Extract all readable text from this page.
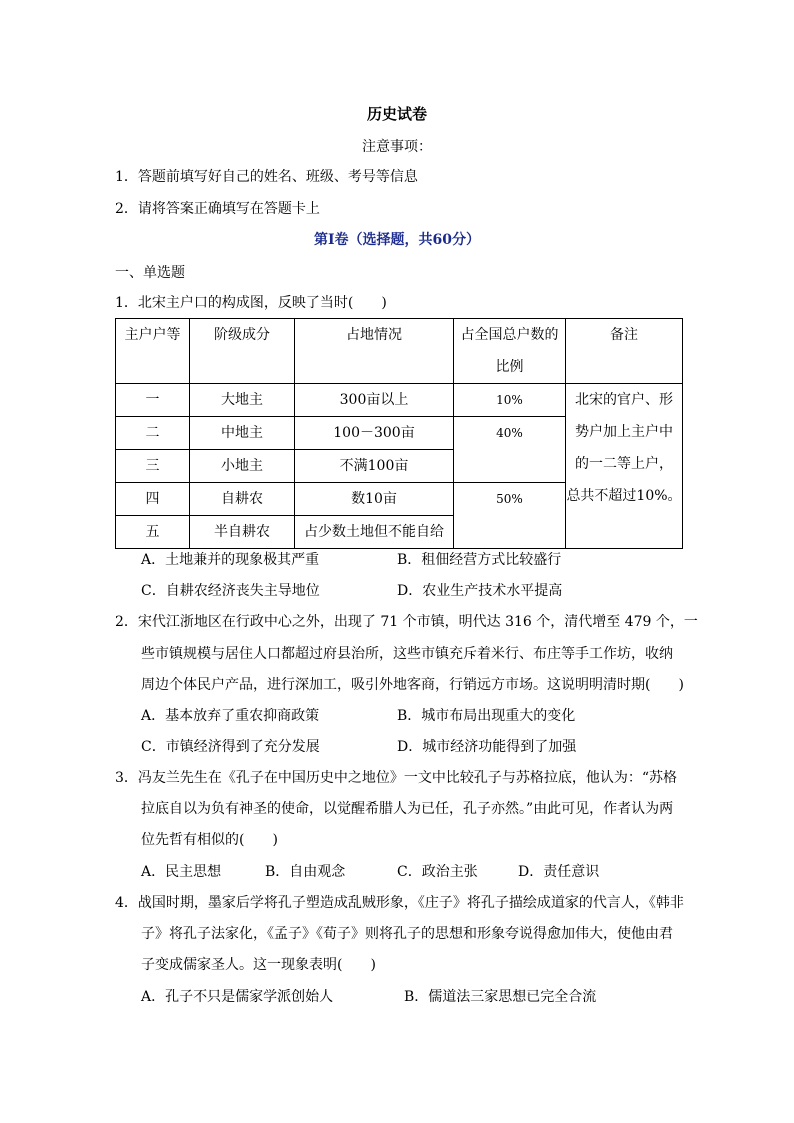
历史试卷
注意事项：
1．答题前填写好自己的姓名、班级、考号等信息
2．请将答案正确填写在答题卡上
第I卷（选择题，共60分）
一、单选题
1．北宋主户口的构成图，反映了当时(　　)
主户户等	阶级成分	占地情况	占全国总户数的
比例	备注

一	大地主	300亩以上	10%	北宋的官户、形
势户加上主户中
的一二等上户，
总共不超过10%。

二	中地主	100－300亩	40%	
三	小地主	不满100亩		
四	自耕农	数10亩	50%	
五	半自耕农	占少数土地但不能自给		
A．土地兼并的现象极其严重	B．租佃经营方式比较盛行
C．自耕农经济丧失主导地位	D．农业生产技术水平提高
2．宋代江浙地区在行政中心之外，出现了 71 个市镇，明代达 316 个，清代增至 479 个，一
些市镇规模与居住人口都超过府县治所，这些市镇充斥着米行、布庄等手工作坊，收纳
周边个体民户产品，进行深加工，吸引外地客商，行销远方市场。这说明明清时期(　　)
A．基本放弃了重农抑商政策	B．城市布局出现重大的变化
C．市镇经济得到了充分发展	D．城市经济功能得到了加强
3．冯友兰先生在《孔子在中国历史中之地位》一文中比较孔子与苏格拉底，他认为：“苏格
拉底自以为负有神圣的使命，以觉醒希腊人为已任，孔子亦然。”由此可见，作者认为两
位先哲有相似的(　　)
A．民主思想	B．自由观念	C．政治主张	D．责任意识
4．战国时期，墨家后学将孔子塑造成乱贼形象，《庄子》将孔子描绘成道家的代言人，《韩非
子》将孔子法家化，《孟子》《荀子》则将孔子的思想和形象夸说得愈加伟大，使他由君
子变成儒家圣人。这一现象表明(　　)
A．孔子不只是儒家学派创始人	B．儒道法三家思想已完全合流
